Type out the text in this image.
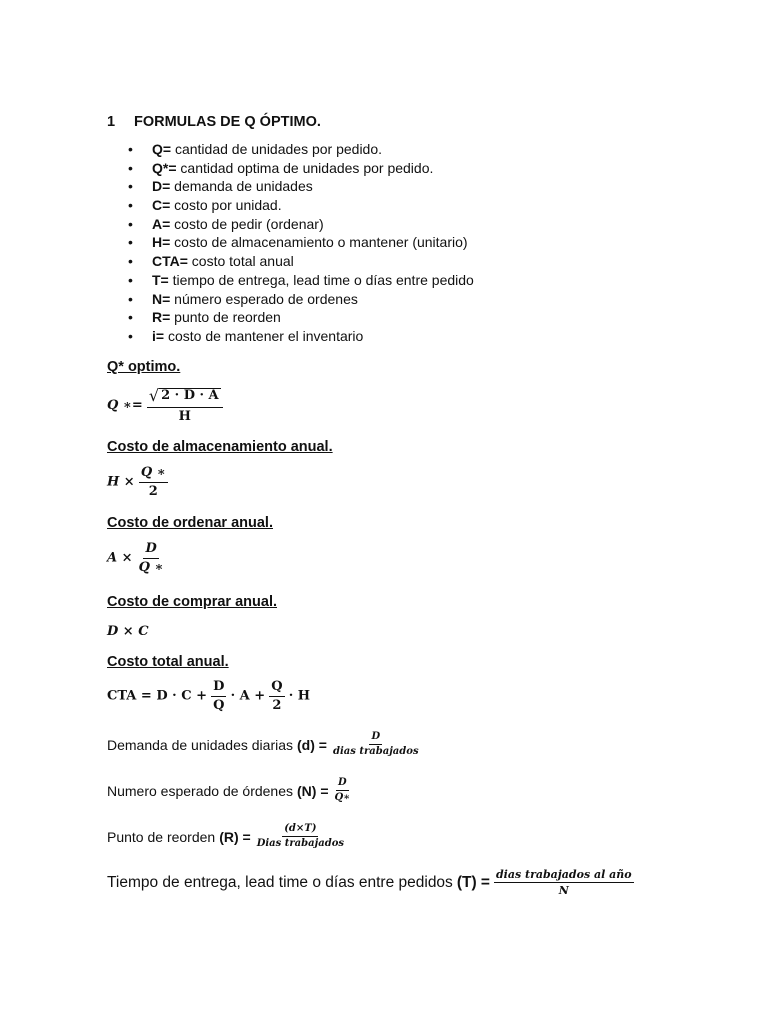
1 FORMULAS DE Q ÓPTIMO.
• Q= cantidad de unidades por pedido.
• Q*= cantidad optima de unidades por pedido.
• D= demanda de unidades
• C= costo por unidad.
• A= costo de pedir (ordenar)
• H= costo de almacenamiento o mantener (unitario)
• CTA= costo total anual
• T= tiempo de entrega, lead time o días entre pedido
• N= número esperado de ordenes
• R= punto de reorden
• i= costo de mantener el inventario
Q* optimo.
Q ∗= $\frac{√ 2 \cdot D \cdot A}{H}$
Costo de almacenamiento anual.
$H \times \frac{Q ∗}{2}$
Costo de ordenar anual.
$A \times \frac{D}{Q ∗}$
Costo de comprar anual.
D × C
Costo total anual.
CTA = $D \cdot C + \frac{D}{Q} \cdot A + \frac{Q}{2} \cdot H$
Demanda de unidades diarias (d) =	D
dias trabajados
Numero esperado de órdenes $(N) = \frac{D}{Q∗}$
Punto de reorden (R) =	(d×T)
Dias trabajados
Tiempo de entrega, lead time o días entre pedidos (T) = dias trabajados al año
N
